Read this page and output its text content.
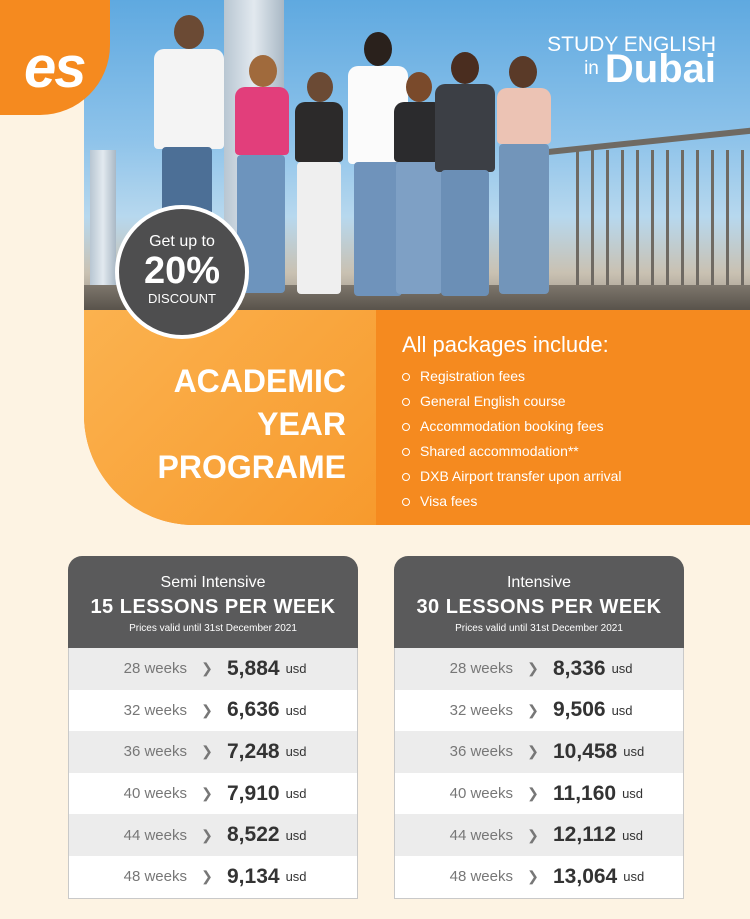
STUDY ENGLISH
in Dubai
es
Get up to
20%
DISCOUNT
ACADEMIC
YEAR
PROGRAME
All packages include:
Registration fees
General English course
Accommodation booking fees
Shared accommodation**
DXB Airport transfer upon arrival
Visa fees
Semi Intensive
15 LESSONS PER WEEK
Prices valid until 31st December 2021
28 weeks	❯ 5,884 usd
32 weeks	❯ 6,636 usd
36 weeks	❯ 7,248 usd
40 weeks	❯ 7,910 usd
44 weeks	❯ 8,522 usd
48 weeks	❯ 9,134 usd
Intensive
30 LESSONS PER WEEK
Prices valid until 31st December 2021
28 weeks	❯ 8,336 usd
32 weeks	❯ 9,506 usd
36 weeks	❯ 10,458 usd
40 weeks	❯ 11,160 usd
44 weeks	❯ 12,112 usd
48 weeks	❯ 13,064 usd
